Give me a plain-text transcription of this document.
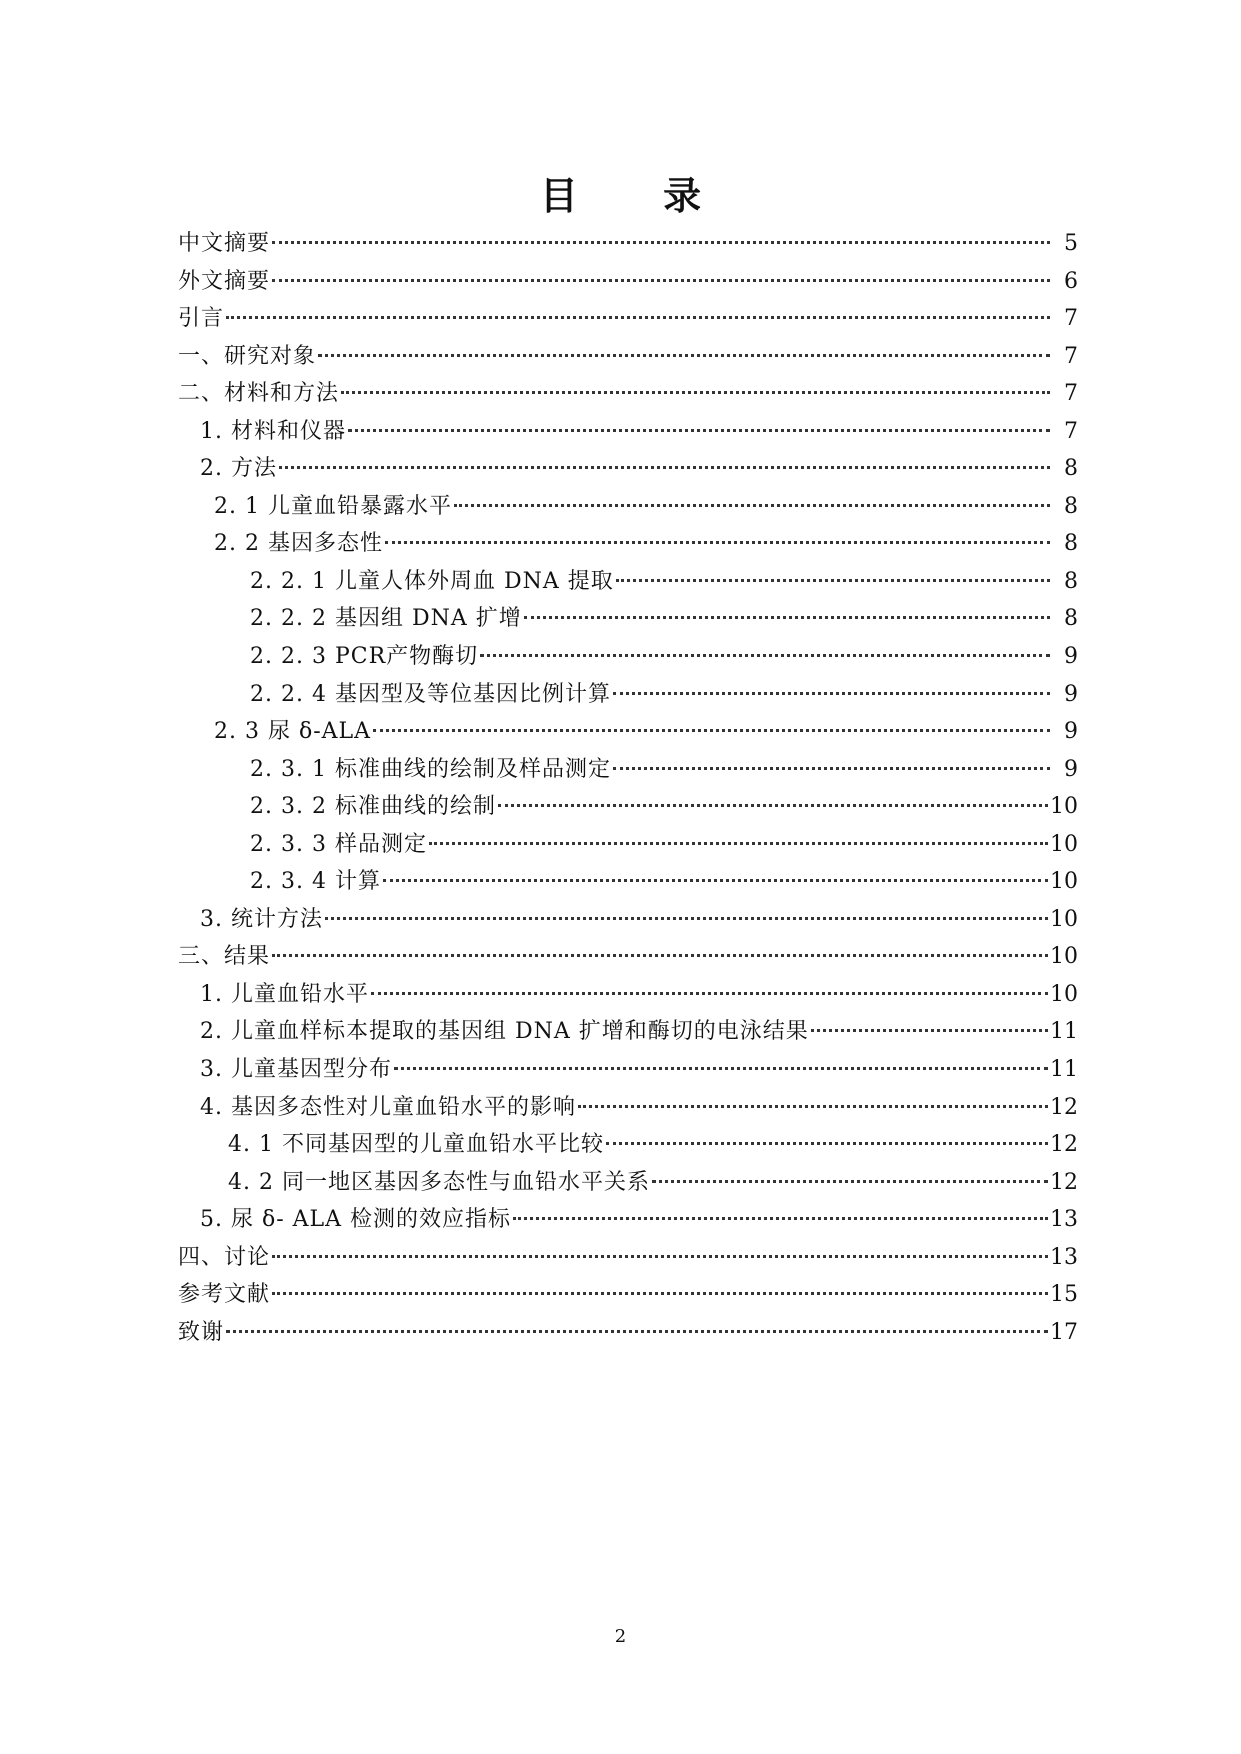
目 录
中文摘要	5
外文摘要	6
引言	7
一、研究对象	7
二、材料和方法	7
1. 材料和仪器	7
2. 方法	8
2. 1 儿童血铅暴露水平	8
2. 2 基因多态性	8
2. 2. 1 儿童人体外周血 DNA 提取	8
2. 2. 2 基因组 DNA 扩增	8
2. 2. 3 PCR产物酶切	9
2. 2. 4 基因型及等位基因比例计算	9
2. 3 尿 δ-ALA	9
2. 3. 1 标准曲线的绘制及样品测定	9
2. 3. 2 标准曲线的绘制	10
2. 3. 3 样品测定	10
2. 3. 4 计算	10
3. 统计方法	10
三、结果	10
1. 儿童血铅水平	10
2. 儿童血样标本提取的基因组 DNA 扩增和酶切的电泳结果	11
3. 儿童基因型分布	11
4. 基因多态性对儿童血铅水平的影响	12
4. 1 不同基因型的儿童血铅水平比较	12
4. 2 同一地区基因多态性与血铅水平关系	12
5. 尿 δ- ALA 检测的效应指标	13
四、讨论	13
参考文献	15
致谢	17
2
